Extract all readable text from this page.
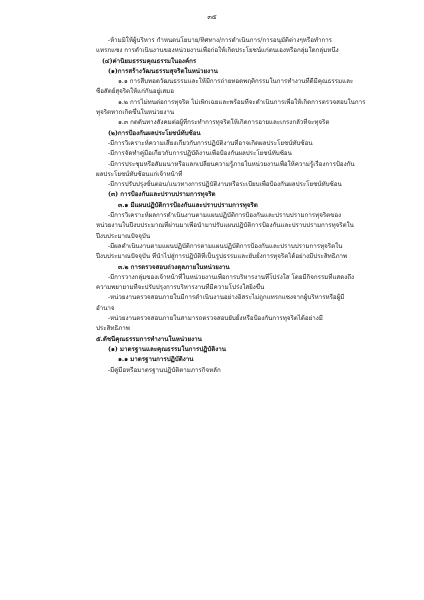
๓๕
-ห้ามมิให้ผู้บริหาร กำหนดนโยบาย/ทิศทาง/การดำเนินการ/การอนุมัติต่างๆหรือทำการ
แทรกแซง การดำเนินงานของหน่วยงานเพื่อก่อให้เกิดประโยชน์แก่ตนเองหรือกลุ่มใดกลุ่มหนึ่ง
(๔)ค่านิยมธรรมคุณธรรมในองค์กร
(๑)การสร้างวัฒนธรรมสุจริตในหน่วยงาน
๑.๑ การสืบทอดวัฒนธรรมและให้มีการถ่ายทอดพฤติกรรมในการทำงานที่ดีมีคุณธรรมและ
ซื่อสัตย์สุจริตให้แก่กันอยู่เสมอ
๑.๒ การไม่ทนต่อการทุจริต ไม่เพิกเฉยและพร้อมที่จะดำเนินการเพื่อให้เกิดการตรวจสอบในการ
ทุจริตหากเกิดขึ้นในหน่วยงาน
๑.๓ กดดันทางสังคมต่อผู้ที่กระทำการทุจริตให้เกิดการอายและเกรงกลัวที่จะทุจริต
(๒)การป้องกันผลประโยชน์ทับซ้อน
-มีการวิเคราะห์ความเสี่ยงเกี่ยวกับการปฏิบัติงานที่อาจเกิดผลประโยชน์ทับซ้อน
-มีการจัดทำคู่มือเกี่ยวกับการปฏิบัติงานเพื่อป้องกันผลประโยชน์ทับซ้อน
-มีการประชุมหรือสัมมนาหรือแลกเปลี่ยนความรู้ภายในหน่วยงานเพื่อให้ความรู้เรื่องการป้องกัน
ผลประโยชน์ทับซ้อนแก่เจ้าหน้าที่
-มีการปรับปรุงขั้นตอน/แนวทางการปฏิบัติงานหรือระเบียบเพื่อป้องกันผลประโยชน์ทับซ้อน
(๓) การป้องกันและปราบปรามการทุจริต
๓.๑ มีแผนปฏิบัติการป้องกันและปราบปรามการทุจริต
-มีการวิเคราะห์ผลการดำเนินงานตามแผนปฏิบัติการป้องกันและปราบปรามการทุจริตของ
หน่วยงานในปีงบประมาณที่ผ่านมาเพื่อนำมาปรับแผนปฏิบัติการป้องกันและปราบปรามการทุจริตใน
ปีงบประมาณปัจจุบัน
-มีผลดำเนินงานตามแผนปฏิบัติการตามแผนปฏิบัติการป้องกันและปราบปรามการทุจริตใน
ปีงบประมาณปัจจุบัน ที่นำไปสู่การปฏิบัติที่เป็นรูปธรรมและยับยั้งการทุจริตได้อย่างมีประสิทธิภาพ
๓.๒ การตรวจสอบถ่วงดุลภายในหน่วยงาน
-มีการวางกลุ่มของเจ้าหน้าที่ในหน่วยงานเพื่อการบริหารงานที่โปร่งใส โดยมีกิจกรรมที่แสดงถึง
ความพยายามที่จะปรับปรุงการบริหารงานที่มีความโปร่งใสยิ่งขึ้น
-หน่วยงานตรวจสอบภายในมีการดำเนินงานอย่างอิสระไม่ถูกแทรกแซงจากผู้บริหารหรือผู้มี
อำนาจ
-หน่วยงานตรวจสอบภายในสามารถตรวจสอบยับยั้งหรือป้องกันการทุจริตได้อย่างมี
ประสิทธิภาพ
๕.ดัชนีคุณธรรมการทำงานในหน่วยงาน
(๑) มาตรฐานและคุณธรรมในการปฏิบัติงาน
๑.๑ มาตรฐานการปฏิบัติงาน
-มีคู่มือหรือมาตรฐานปฏิบัติตามภารกิจหลัก
